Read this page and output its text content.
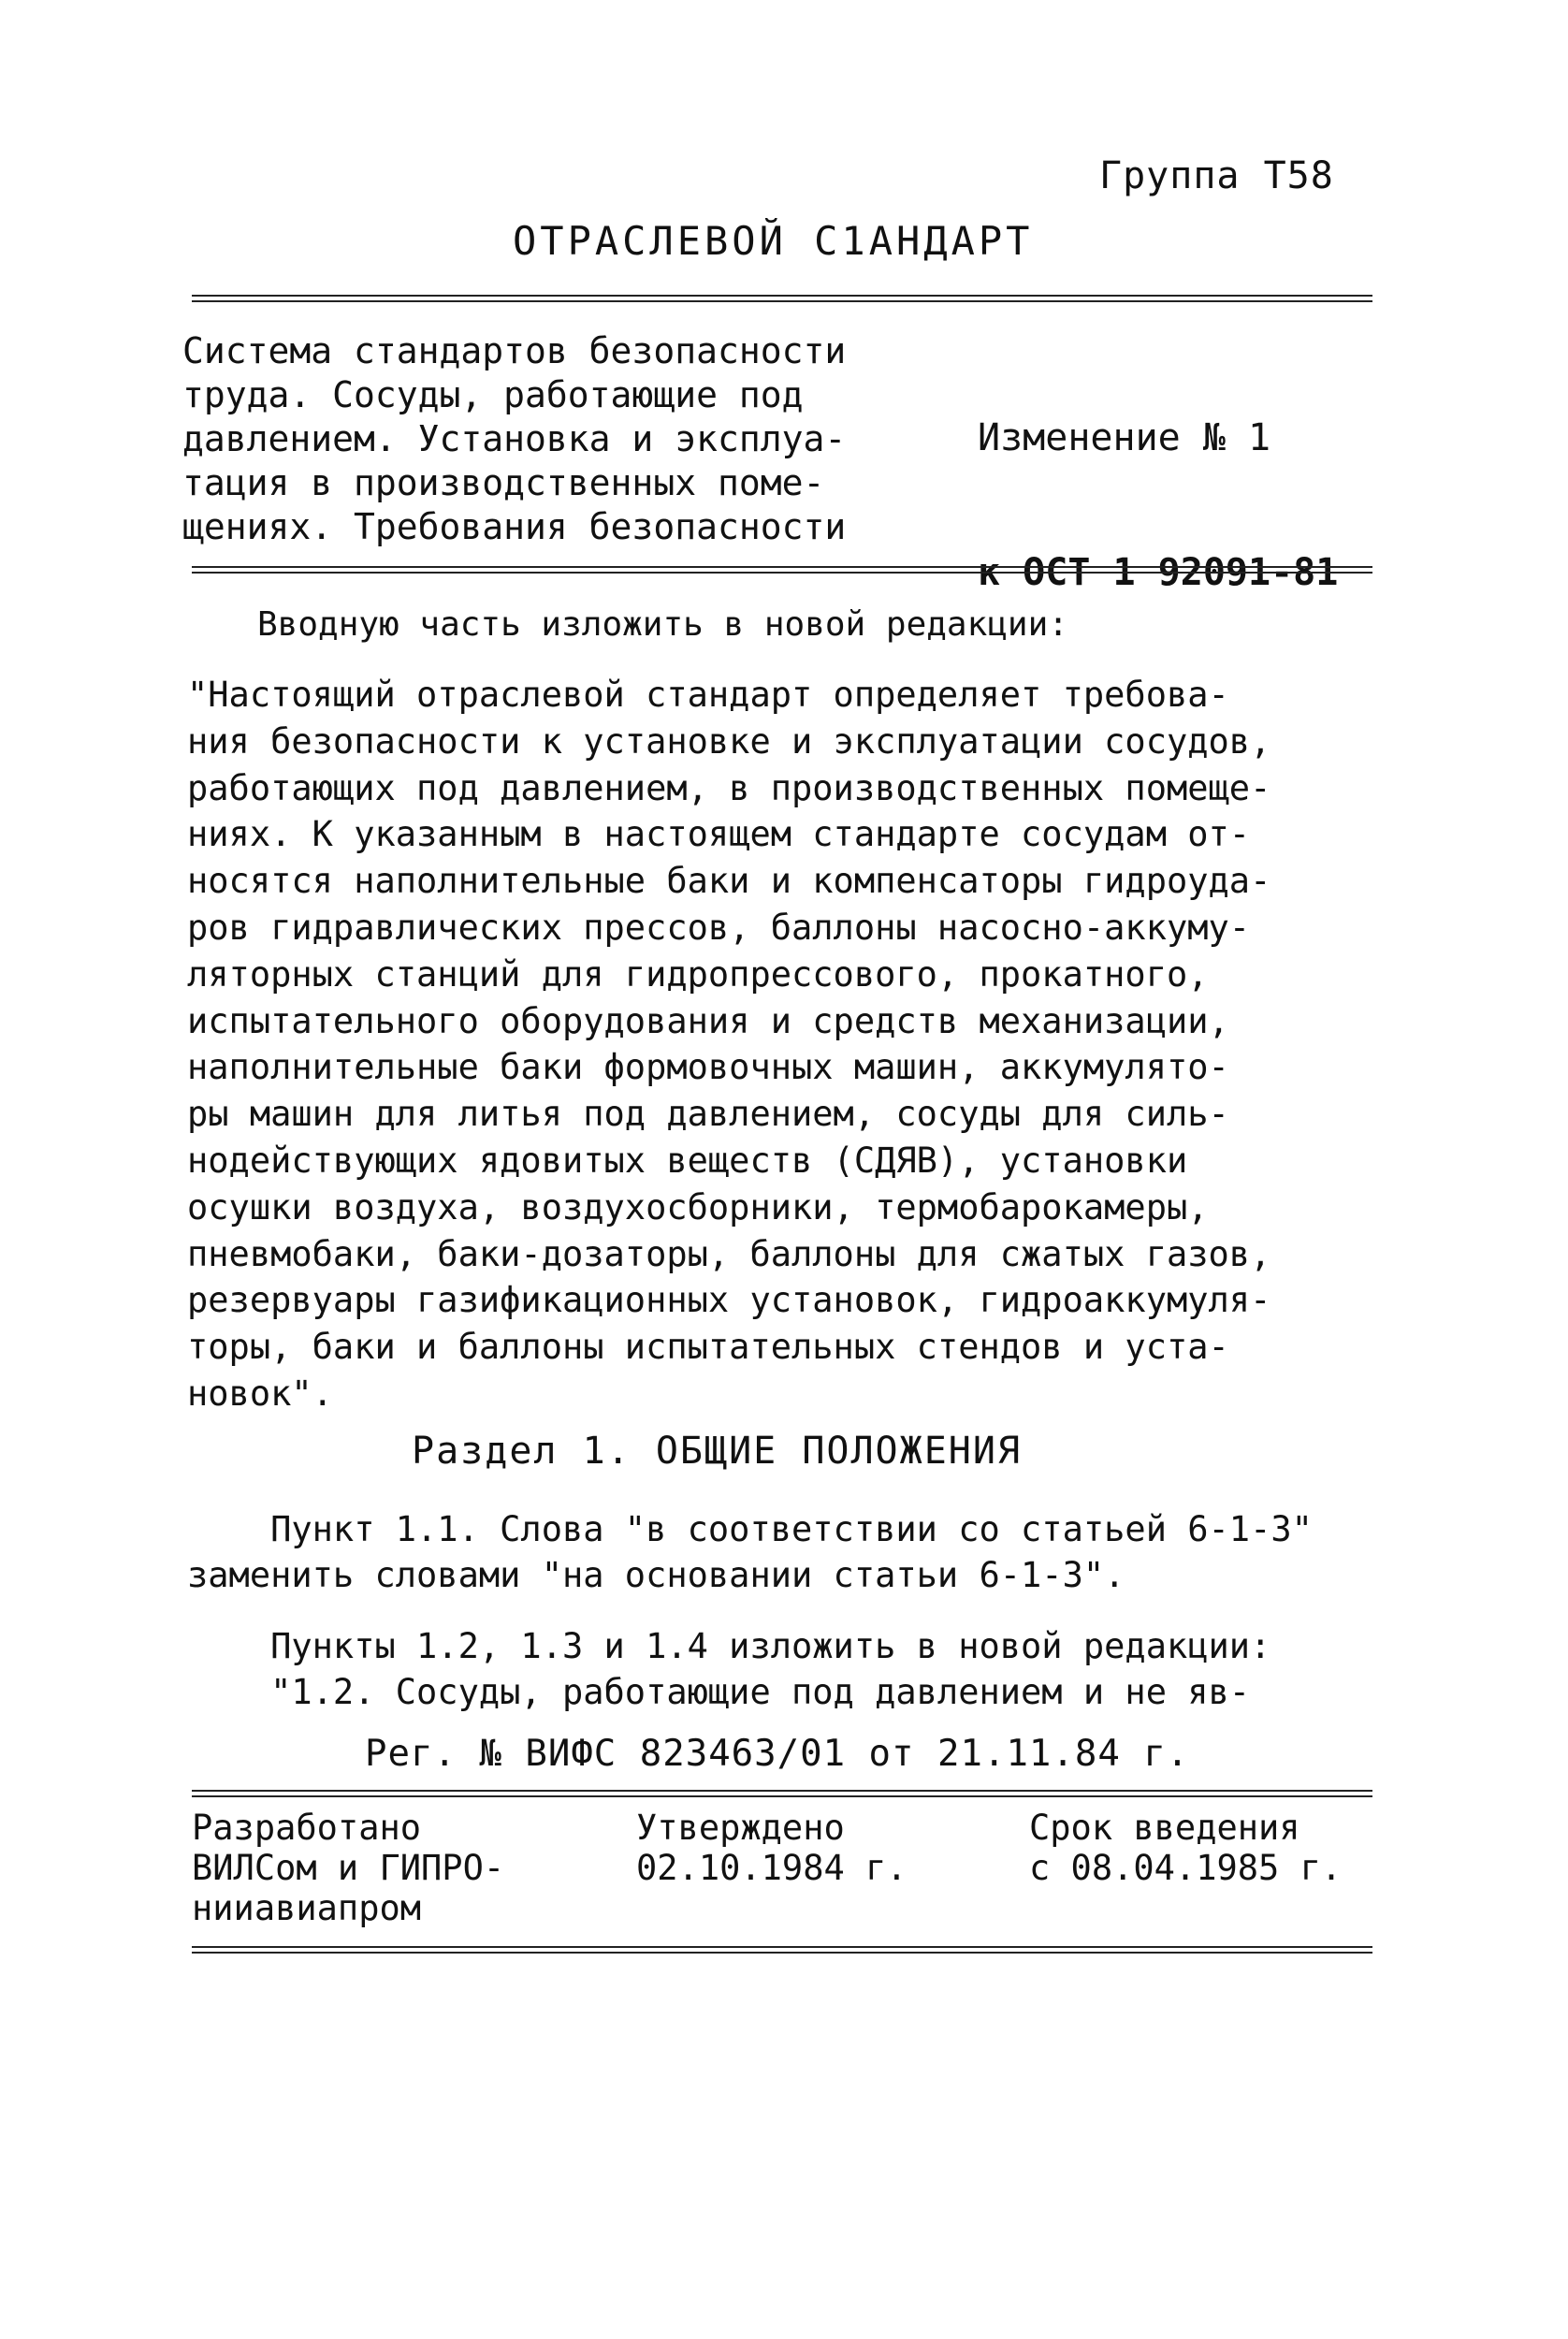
Группа Т58
ОТРАСЛЕВОЙ С1АНДАРТ
Система стандартов безопасности
труда. Сосуды, работающие под
давлением. Установка и эксплуа-
тация в производственных поме-
щениях. Требования безопасности

Изменение № 1

к ОСТ 1 92091-81

Вводную часть изложить в новой редакции:
"Настоящий отраслевой стандарт определяет требова-
ния безопасности к установке и эксплуатации сосудов,
работающих под давлением, в производственных помеще-
ниях. К указанным в настоящем стандарте сосудам от-
носятся наполнительные баки и компенсаторы гидроуда-
ров гидравлических прессов, баллоны насосно-аккуму-
ляторных станций для гидропрессового, прокатного,
испытательного оборудования и средств механизации,
наполнительные баки формовочных машин, аккумулято-
ры машин для литья под давлением, сосуды для силь-
нодействующих ядовитых веществ (СДЯВ), установки
осушки воздуха, воздухосборники, термобарокамеры,
пневмобаки, баки-дозаторы, баллоны для сжатых газов,
резервуары газификационных установок, гидроаккумуля-
торы, баки и баллоны испытательных стендов и уста-
новок".
Раздел 1. ОБЩИЕ ПОЛОЖЕНИЯ
Пункт 1.1. Слова "в соответствии со статьей 6-1-3"
заменить словами "на основании статьи 6-1-3".
Пункты 1.2, 1.3 и 1.4 изложить в новой редакции:
"1.2. Сосуды, работающие под давлением и не яв-
Рег. № ВИФС 823463/01 от 21.11.84 г.
Разработано
ВИЛСом и ГИПРО-
нииавиапром
Утверждено
02.10.1984 г.
Срок введения
с 08.04.1985 г.
